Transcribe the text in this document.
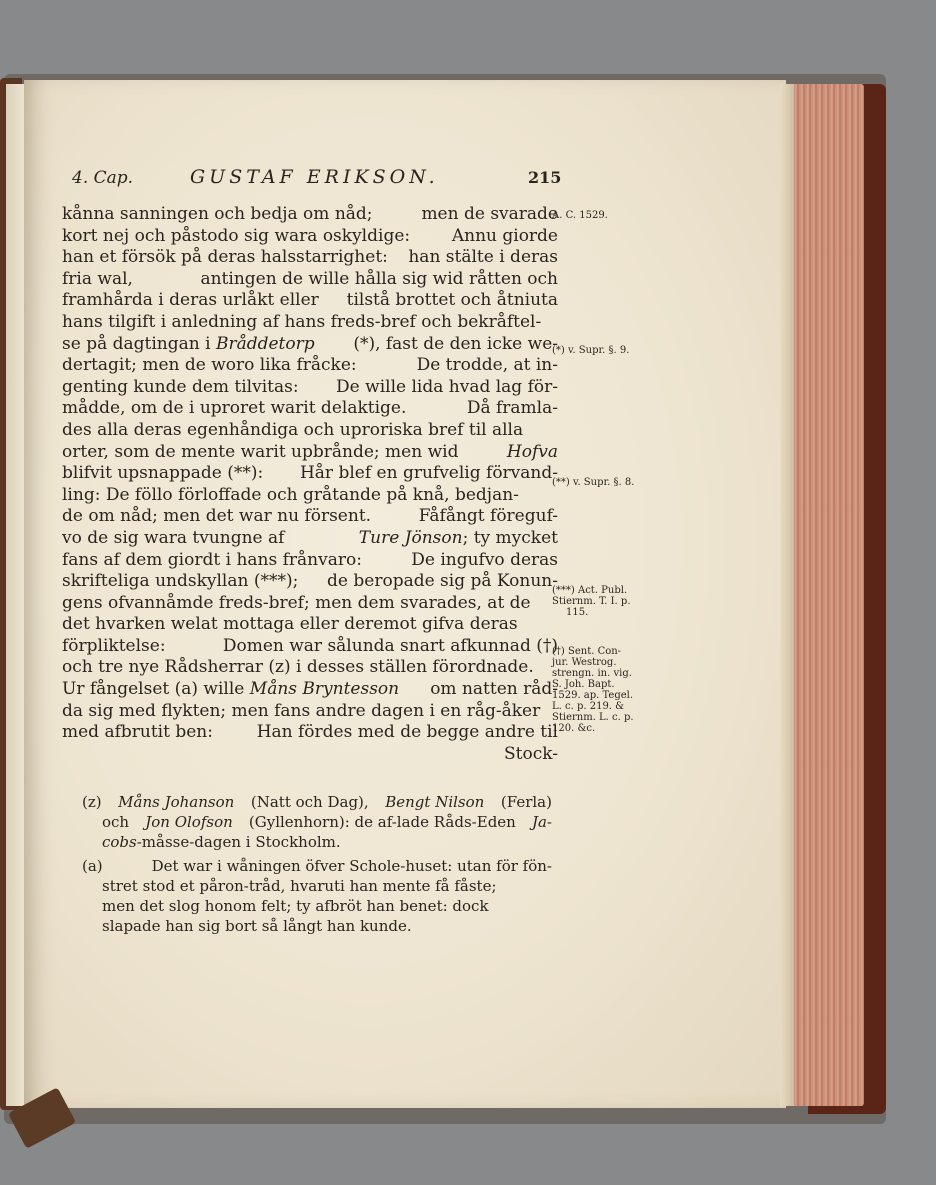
4. Cap.	GUSTAF ERIKSON.	215
kånna sanningen och bedja om nåd;	men de svarade
kort nej och påstodo sig wara oskyldige: Annu giorde
han et försök på deras halsstarrighet: han stälte i deras
fria wal,	antingen de wille hålla sig wid råtten och
framhårda i deras urlåkt eller tilstå brottet och åtniuta
hans tilgift i anledning af hans freds-bref och bekråftel-
se på dagtingan i Bråddetorp (*), fast de den icke we-
dertagit; men de woro lika fråcke:	De trodde, at in-
genting kunde dem tilvitas: De wille lida hvad lag för-
mådde, om de i uproret warit delaktige.	Då framla-
des alla deras egenhåndiga och uproriska bref til alla
orter, som de mente warit upbrånde; men wid	Hofva
blifvit upsnappade (**): Hår blef en grufvelig förvand-
ling: De föllo förloffade och gråtande på knå, bedjan-
de om nåd; men det war nu försent.	Fåfångt föreguf-
vo de sig wara tvungne af	Ture Jönson; ty mycket
fans af dem giordt i hans frånvaro:	De ingufvo deras
skrifteliga undskyllan (***); de beropade sig på Konun-
gens ofvannåmde freds-bref; men dem svarades, at de
det hvarken welat mottaga eller deremot gifva deras
förpliktelse:	Domen war sålunda snart afkunnad (†)
och tre nye Rådsherrar (z) i desses ställen förordnade.
Ur fångelset (a) wille Måns Bryntesson om natten råd-
da sig med flykten; men fans andre dagen i en råg-åker
med afbrutit ben:	Han fördes med de begge andre til
Stock-
A. C. 1529.
(*) v. Supr. §. 9.
(**) v. Supr. §. 8.
(***) Act. Publ.
Stiernm. T. I. p.
115.
(†) Sent. Con-
jur. Westrog.
strengn. in. vig.
S. Joh. Bapt.
1529. ap. Tegel.
L. c. p. 219. &
Stiernm. L. c. p.
120. &c.
(z) Måns Johanson (Natt och Dag), Bengt Nilson (Ferla)
och Jon Olofson (Gyllenhorn): de af-lade Råds-Eden Ja-
cobs -måsse-dagen i Stockholm.
(a)	Det war i wåningen öfver Schole-huset: utan för fön-
stret stod et påron-tråd, hvaruti han mente få fåste;
men det slog honom felt; ty afbröt han benet: dock
slapade han sig bort så långt han kunde.
